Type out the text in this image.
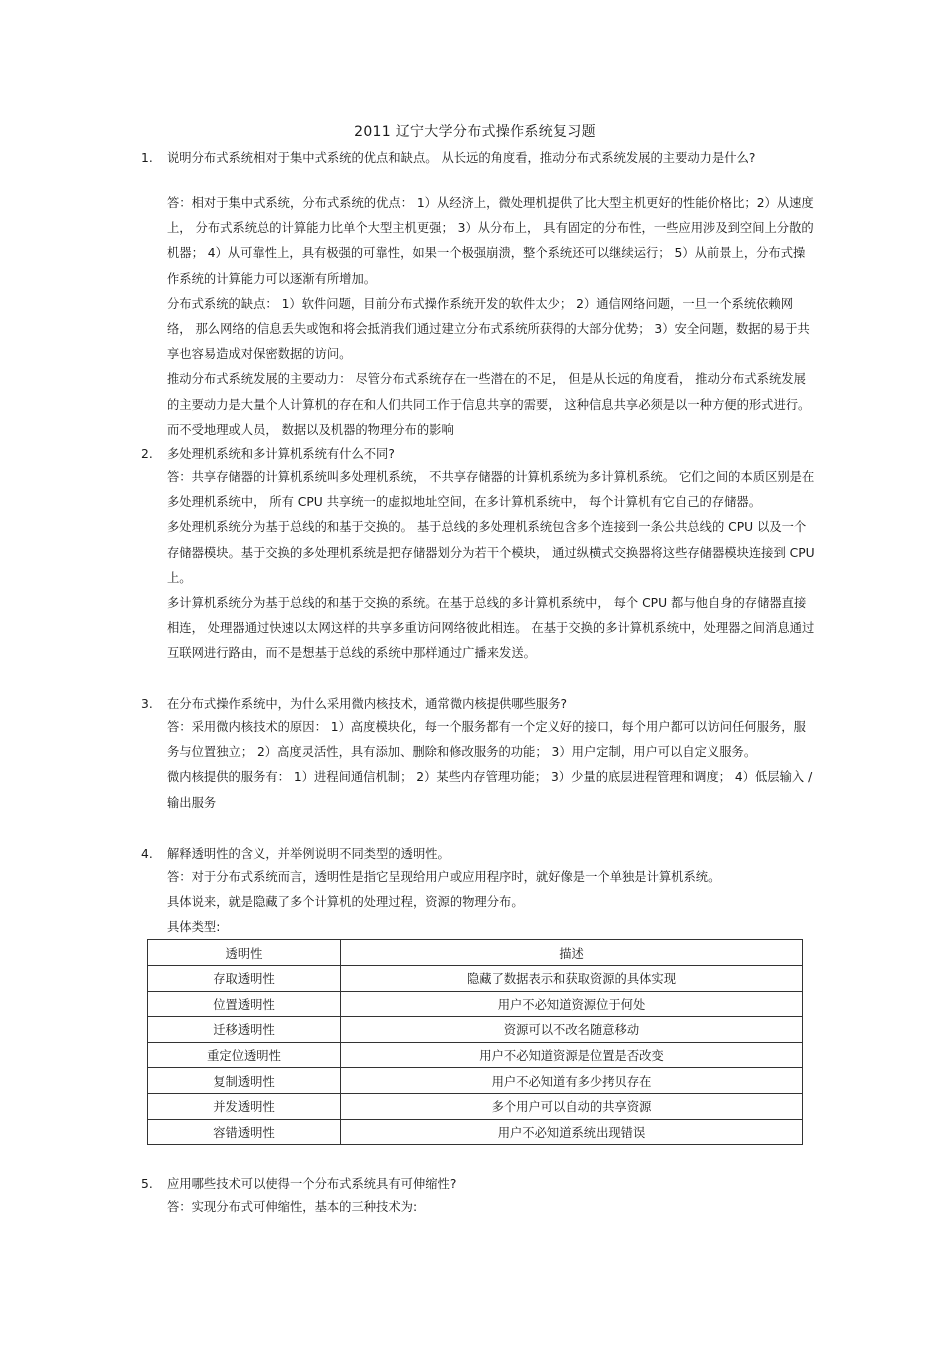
2011 辽宁大学分布式操作系统复习题
1. 说明分布式系统相对于集中式系统的优点和缺点。 从长远的角度看，推动分布式系统发展的主要动力是什么?

答：相对于集中式系统，分布式系统的优点： 1）从经济上，微处理机提供了比大型主机更好的性能价格比；2）从速度上， 分布式系统总的计算能力比单个大型主机更强； 3）从分布上， 具有固定的分布性，一些应用涉及到空间上分散的机器； 4）从可靠性上，具有极强的可靠性，如果一个极强崩溃，整个系统还可以继续运行； 5）从前景上，分布式操作系统的计算能力可以逐渐有所增加。

分布式系统的缺点： 1）软件问题，目前分布式操作系统开发的软件太少； 2）通信网络问题，一旦一个系统依赖网络， 那么网络的信息丢失或饱和将会抵消我们通过建立分布式系统所获得的大部分优势； 3）安全问题，数据的易于共享也容易造成对保密数据的访问。

推动分布式系统发展的主要动力： 尽管分布式系统存在一些潜在的不足， 但是从长远的角度看， 推动分布式系统发展的主要动力是大量个人计算机的存在和人们共同工作于信息共享的需要， 这种信息共享必须是以一种方便的形式进行。而不受地理或人员， 数据以及机器的物理分布的影响

2. 多处理机系统和多计算机系统有什么不同?

答：共享存储器的计算机系统叫多处理机系统， 不共享存储器的计算机系统为多计算机系统。 它们之间的本质区别是在多处理机系统中， 所有 CPU 共享统一的虚拟地址空间，在多计算机系统中， 每个计算机有它自己的存储器。

多处理机系统分为基于总线的和基于交换的。 基于总线的多处理机系统包含多个连接到一条公共总线的 CPU 以及一个存储器模块。基于交换的多处理机系统是把存储器划分为若干个模块， 通过纵横式交换器将这些存储器模块连接到 CPU 上。

多计算机系统分为基于总线的和基于交换的系统。在基于总线的多计算机系统中， 每个 CPU 都与他自身的存储器直接相连， 处理器通过快速以太网这样的共享多重访问网络彼此相连。 在基于交换的多计算机系统中，处理器之间消息通过互联网进行路由，而不是想基于总线的系统中那样通过广播来发送。

3. 在分布式操作系统中，为什么采用微内核技术，通常微内核提供哪些服务?

答：采用微内核技术的原因： 1）高度模块化，每一个服务都有一个定义好的接口，每个用户都可以访问任何服务，服务与位置独立； 2）高度灵活性，具有添加、删除和修改服务的功能； 3）用户定制，用户可以自定义服务。

微内核提供的服务有： 1）进程间通信机制； 2）某些内存管理功能； 3）少量的底层进程管理和调度； 4）低层输入 /输出服务

4. 解释透明性的含义，并举例说明不同类型的透明性。

答：对于分布式系统而言，透明性是指它呈现给用户或应用程序时，就好像是一个单独是计算机系统。

具体说来，就是隐藏了多个计算机的处理过程，资源的物理分布。

具体类型:

透明性	描述
存取透明性	隐藏了数据表示和获取资源的具体实现
位置透明性	用户不必知道资源位于何处
迁移透明性	资源可以不改名随意移动
重定位透明性	用户不必知道资源是位置是否改变
复制透明性	用户不必知道有多少拷贝存在
并发透明性	多个用户可以自动的共享资源
容错透明性	用户不必知道系统出现错误
5. 应用哪些技术可以使得一个分布式系统具有可伸缩性?

答：实现分布式可伸缩性，基本的三种技术为:
